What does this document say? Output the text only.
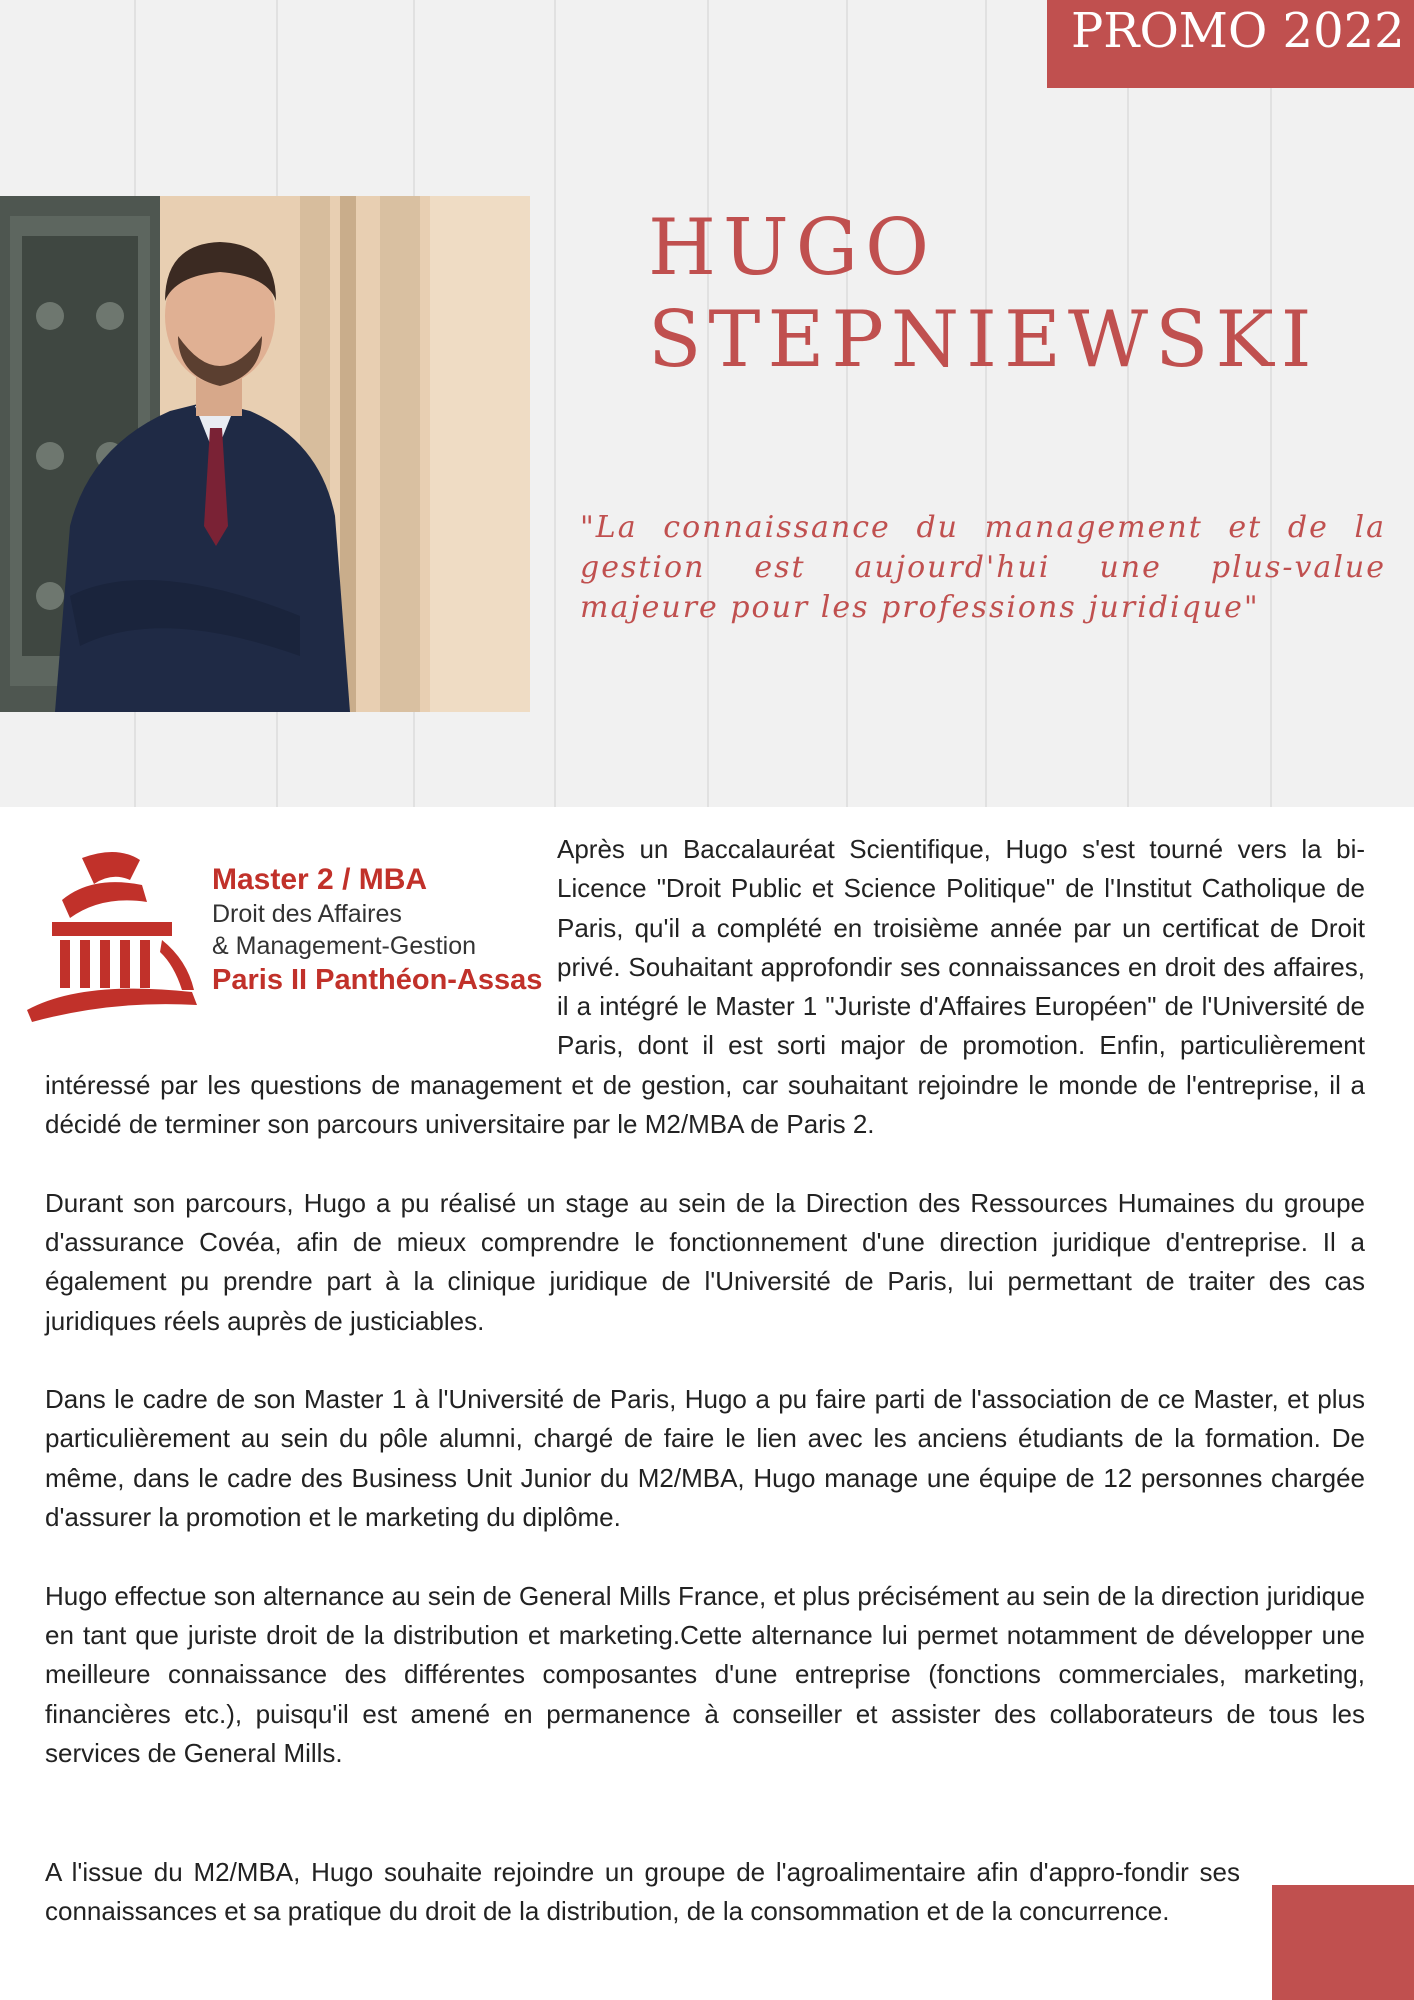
PROMO 2022
HUGO
STEPNIEWSKI
"La connaissance du management et de la gestion est aujourd'hui une plus-value majeure pour les professions juridique"
Master 2 / MBA
Droit des Affaires
& Management-Gestion
Paris II Panthéon-Assas

Après un Baccalauréat Scientifique, Hugo s'est tourné vers la bi-Licence "Droit Public et Science Politique" de l'Institut Catholique de Paris, qu'il a complété en troisième année par un certificat de Droit privé. Souhaitant approfondir ses connaissances en droit des affaires, il a intégré le Master 1 "Juriste d'Affaires Européen" de l'Université de Paris, dont il est sorti major de promotion. Enfin, particulièrement intéressé par les questions de management et de gestion, car souhaitant rejoindre le monde de l'entreprise, il a décidé de terminer son parcours universitaire par le M2/MBA de Paris 2.

Durant son parcours, Hugo a pu réalisé un stage au sein de la Direction des Ressources Humaines du groupe d'assurance Covéa, afin de mieux comprendre le fonctionnement d'une direction juridique d'entreprise. Il a également pu prendre part à la clinique juridique de l'Université de Paris, lui permettant de traiter des cas juridiques réels auprès de justiciables.

Dans le cadre de son Master 1 à l'Université de Paris, Hugo a pu faire parti de l'association de ce Master, et plus particulièrement au sein du pôle alumni, chargé de faire le lien avec les anciens étudiants de la formation. De même, dans le cadre des Business Unit Junior du M2/MBA, Hugo manage une équipe de 12 personnes chargée d'assurer la promotion et le marketing du diplôme.

Hugo effectue son alternance au sein de General Mills France, et plus précisément au sein de la direction juridique en tant que juriste droit de la distribution et marketing.Cette alternance lui permet notamment de développer une meilleure connaissance des différentes composantes d'une entreprise (fonctions commerciales, marketing, financières etc.), puisqu'il est amené en permanence à conseiller et assister des collaborateurs de tous les services de General Mills.

A l'issue du M2/MBA, Hugo souhaite rejoindre un groupe de l'agroalimentaire afin d'appro-fondir ses connaissances et sa pratique du droit de la distribution, de la consommation et de la concurrence.
